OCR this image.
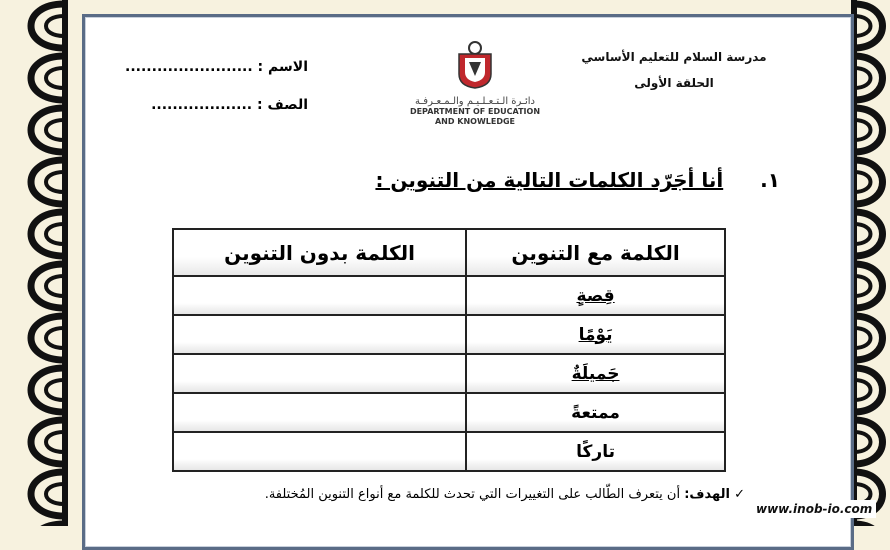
مدرسة السلام للتعليم الأساسي
الحلقة الأولى
دائـرة الـتـعـلـيـم والـمـعـرفـة
DEPARTMENT OF EDUCATION
AND KNOWLEDGE
الاسم : ........................
الصف : ...................
١. أنا أجَرّد الكلمات التالية من التنوين :
الكلمة مع التنوين	الكلمة بدون التنوين
قِصةٍ	
يَوْمًا	
جَميلَةٌ	
ممتعةً	
تاركًا	
✓ الهدف: أن يتعرف الطّالب على التغييرات التي تحدث للكلمة مع أنواع التنوين المُختلفة.
www.inob-io.com
